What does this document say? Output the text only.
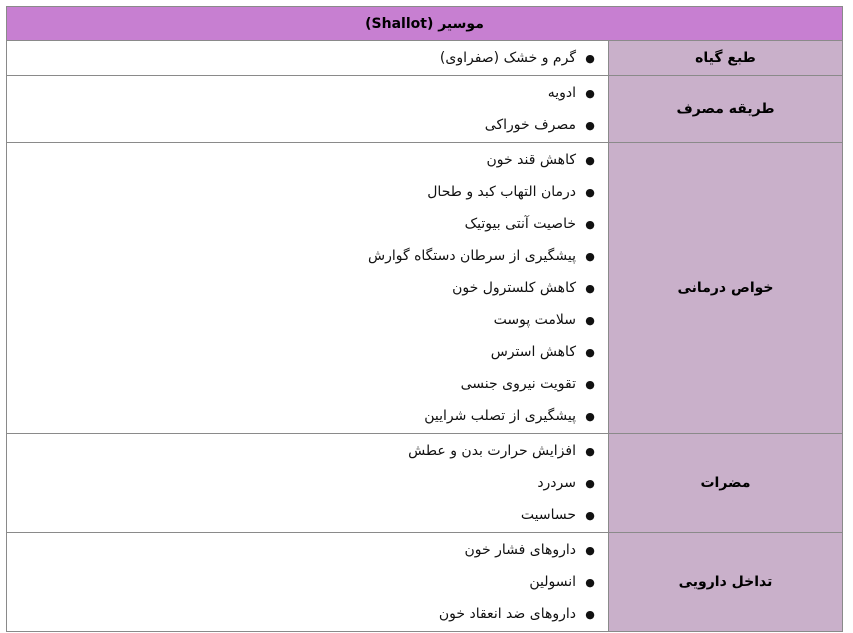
موسیر (Shallot)
طبع گیاه
●
گرم و خشک (صفراوی)
طریقه مصرف
●
ادویه
●
مصرف خوراکی
خواص درمانی
●
کاهش قند خون
●
درمان التهاب کبد و طحال
●
خاصیت آنتی بیوتیک
●
پیشگیری از سرطان دستگاه گوارش
●
کاهش کلسترول خون
●
سلامت پوست
●
کاهش استرس
●
تقویت نیروی جنسی
●
پیشگیری از تصلب شرایین
مضرات
●
افزایش حرارت بدن و عطش
●
سردرد
●
حساسیت
تداخل دارویی
●
داروهای فشار خون
●
انسولین
●
داروهای ضد انعقاد خون
